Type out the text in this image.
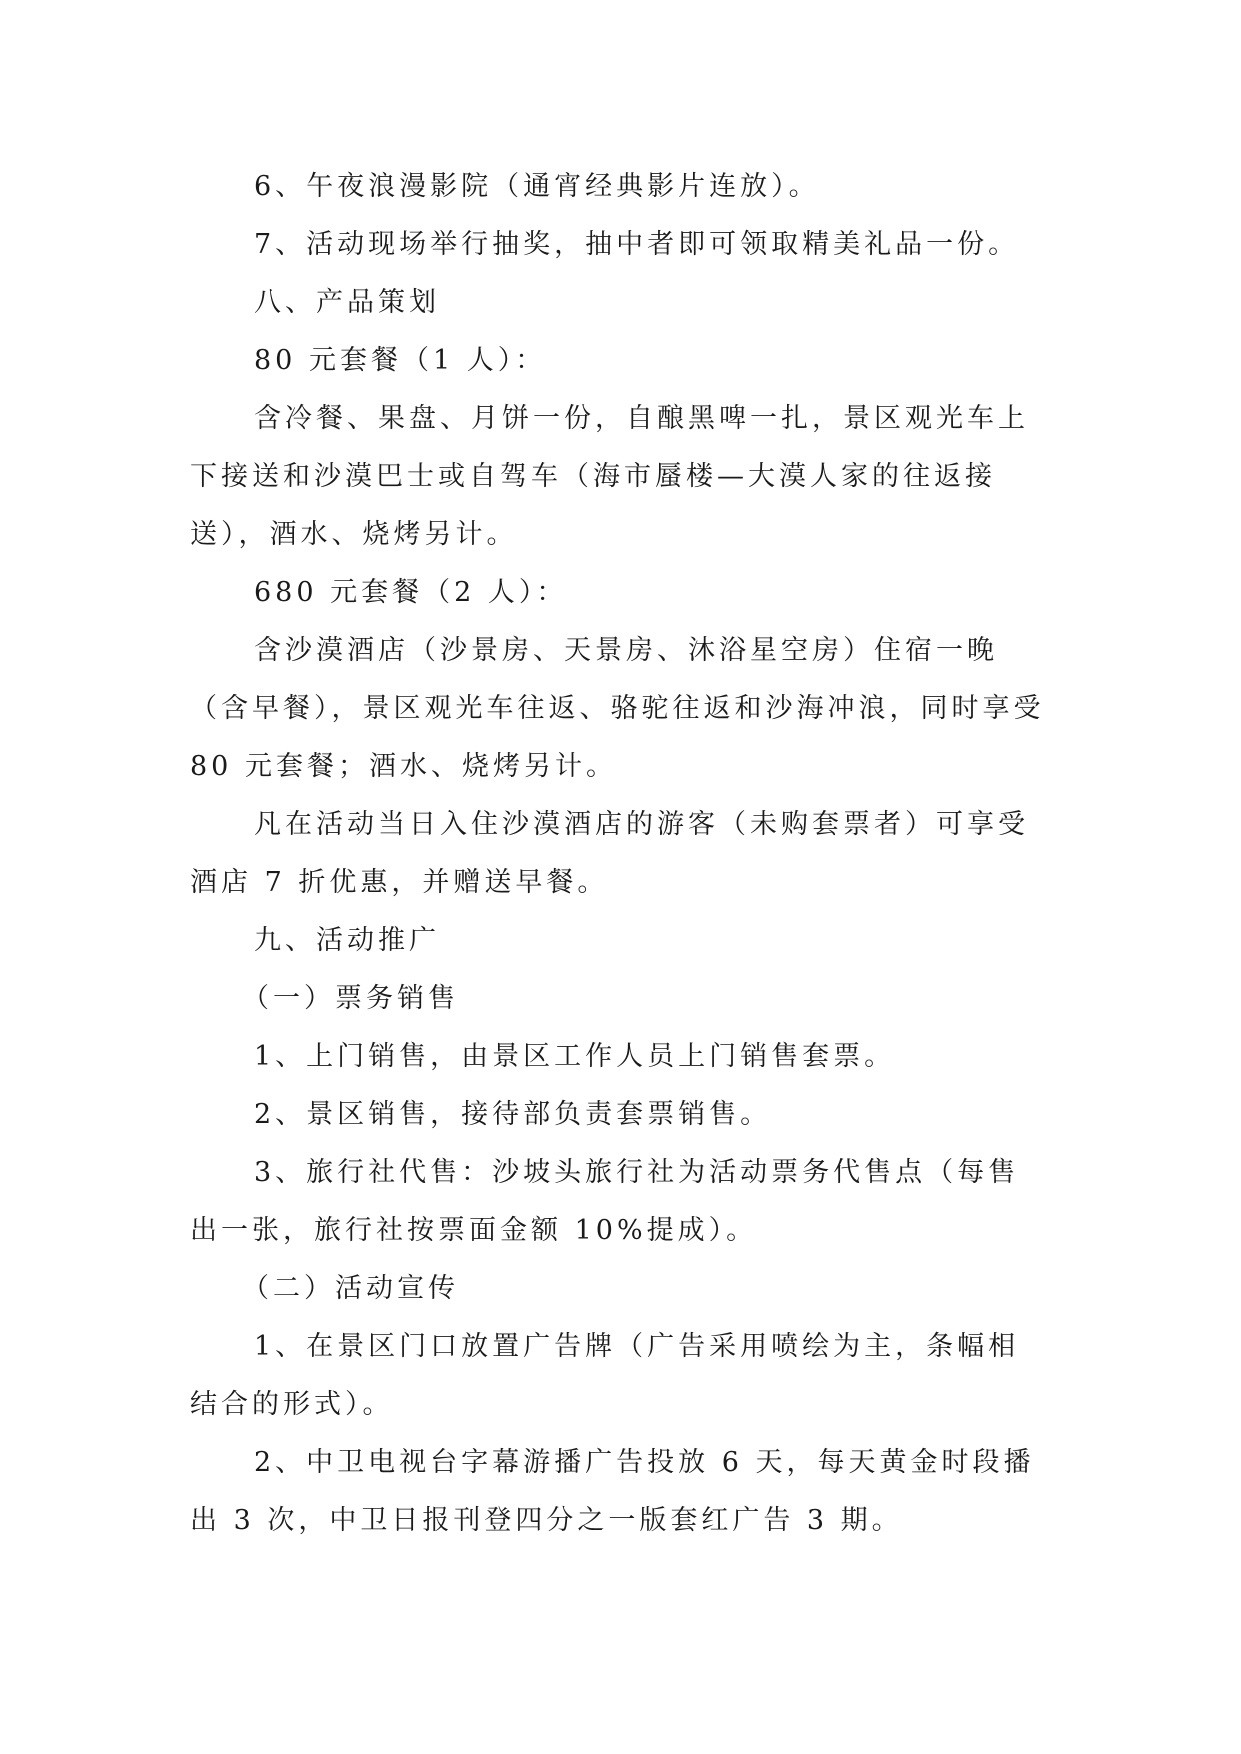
6、午夜浪漫影院（通宵经典影片连放）。

7、活动现场举行抽奖，抽中者即可领取精美礼品一份。

八、产品策划

80 元套餐（1 人）：

含冷餐、果盘、月饼一份，自酿黑啤一扎，景区观光车上下接送和沙漠巴士或自驾车（海市蜃楼—大漠人家的往返接送），酒水、烧烤另计。

680 元套餐（2 人）：

含沙漠酒店（沙景房、天景房、沐浴星空房）住宿一晚（含早餐），景区观光车往返、骆驼往返和沙海冲浪，同时享受 80 元套餐；酒水、烧烤另计。

凡在活动当日入住沙漠酒店的游客（未购套票者）可享受酒店 7 折优惠，并赠送早餐。

九、活动推广

（一）票务销售

1、上门销售，由景区工作人员上门销售套票。

2、景区销售，接待部负责套票销售。

3、旅行社代售：沙坡头旅行社为活动票务代售点（每售出一张，旅行社按票面金额 10%提成）。

（二）活动宣传

1、在景区门口放置广告牌（广告采用喷绘为主，条幅相结合的形式）。

2、中卫电视台字幕游播广告投放 6 天，每天黄金时段播出 3 次，中卫日报刊登四分之一版套红广告 3 期。
